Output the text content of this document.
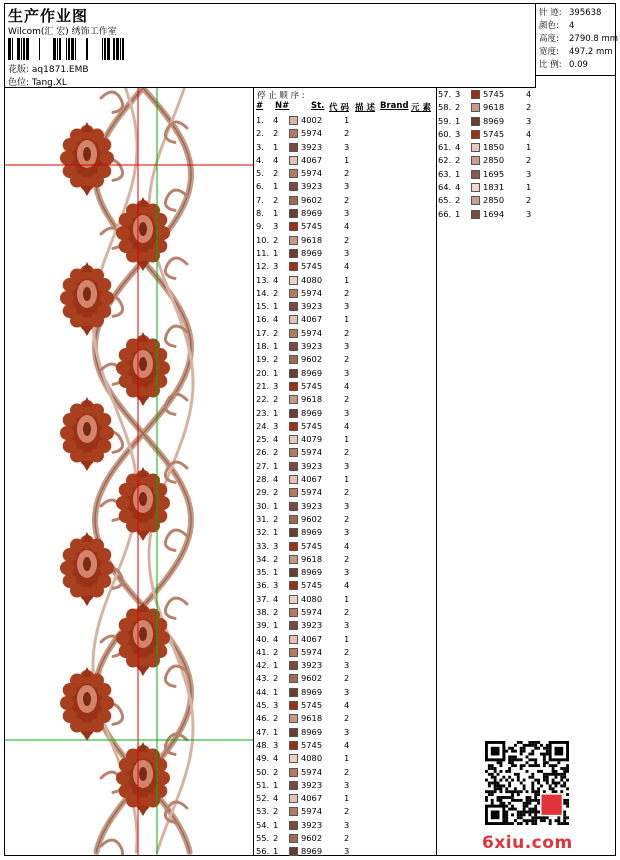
生产作业图
Wilcom(汇 宏) 绣饰工作室
花版: aq1871.EMB
色位: Tang.XL
针 迹: 395638
颜色: 4
高度: 2790.8 mm
宽度: 497.2 mm
比 例: 0.09
停 止 顺 序 :
# N#	St. 代 码 描 述 Brand 元 素
1. 4	4002	1
2. 2	5974	2
3. 1	3923	3
4. 4	4067	1
5. 2	5974	2
6. 1	3923	3
7. 2	9602	2
8. 1	8969	3
9. 3	5745	4
10. 2	9618	2
11. 1	8969	3
12. 3	5745	4
13. 4	4080	1
14. 2	5974	2
15. 1	3923	3
16. 4	4067	1
17. 2	5974	2
18. 1	3923	3
19. 2	9602	2
20. 1	8969	3
21. 3	5745	4
22. 2	9618	2
23. 1	8969	3
24. 3	5745	4
25. 4	4079	1
26. 2	5974	2
27. 1	3923	3
28. 4	4067	1
29. 2	5974	2
30. 1	3923	3
31. 2	9602	2
32. 1	8969	3
33. 3	5745	4
34. 2	9618	2
35. 1	8969	3
36. 3	5745	4
37. 4	4080	1
38. 2	5974	2
39. 1	3923	3
40. 4	4067	1
41. 2	5974	2
42. 1	3923	3
43. 2	9602	2
44. 1	8969	3
45. 3	5745	4
46. 2	9618	2
47. 1	8969	3
48. 3	5745	4
49. 4	4080	1
50. 2	5974	2
51. 1	3923	3
52. 4	4067	1
53. 2	5974	2
54. 1	3923	3
55. 2	9602	2
56. 1	8969	3
57. 3	5745	4
58. 2	9618	2
59. 1	8969	3
60. 3	5745	4
61. 4	1850	1
62. 2	2850	2
63. 1	1695	3
64. 4	1831	1
65. 2	2850	2
66. 1	1694	3
6xiu.com
